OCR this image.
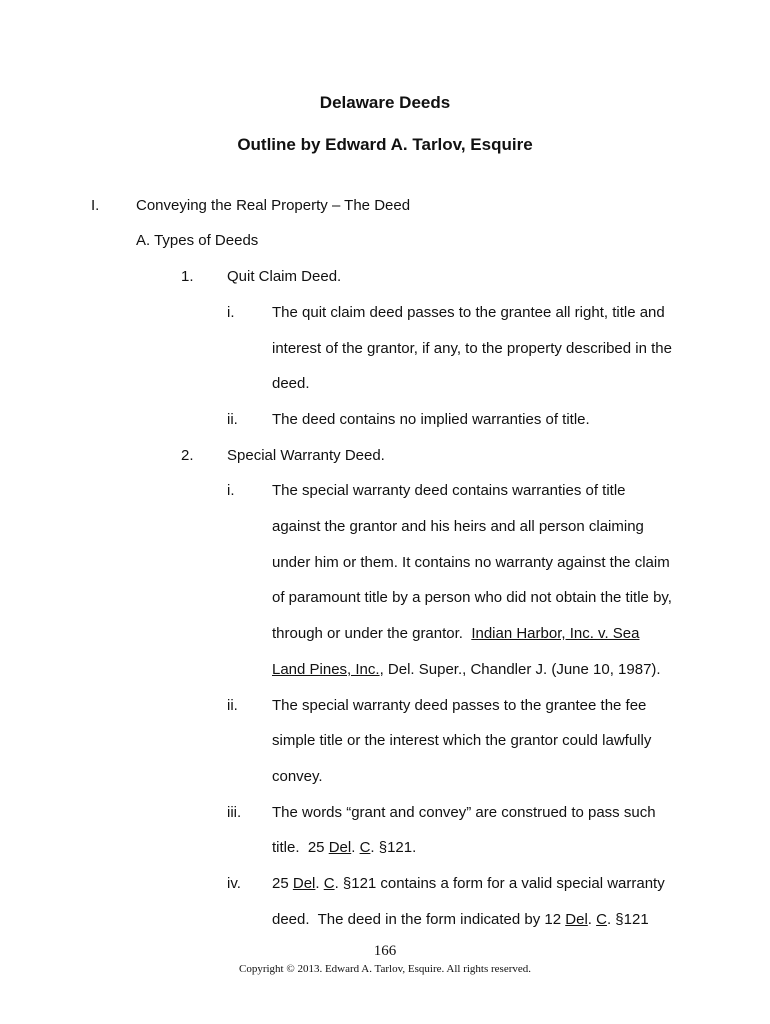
Delaware Deeds
Outline by Edward A. Tarlov, Esquire
I. Conveying the Real Property – The Deed

A. Types of Deeds

1. Quit Claim Deed.

i.	The quit claim deed passes to the grantee all right, title and

interest of the grantor, if any, to the property described in the

deed.

ii. The deed contains no implied warranties of title.

2. Special Warranty Deed.

i.	The special warranty deed contains warranties of title

against the grantor and his heirs and all person claiming

under him or them. It contains no warranty against the claim

of paramount title by a person who did not obtain the title by,

through or under the grantor.  Indian Harbor, Inc. v. Sea

Land Pines, Inc., Del. Super., Chandler J. (June 10, 1987).

ii. The special warranty deed passes to the grantee the fee

simple title or the interest which the grantor could lawfully

convey.

iii. The words “grant and convey” are construed to pass such

title.  25 Del. C. §121.

iv. 25 Del. C. §121 contains a form for a valid special warranty

deed.  The deed in the form indicated by 12 Del. C. §121

166
Copyright © 2013. Edward A. Tarlov, Esquire. All rights reserved.
